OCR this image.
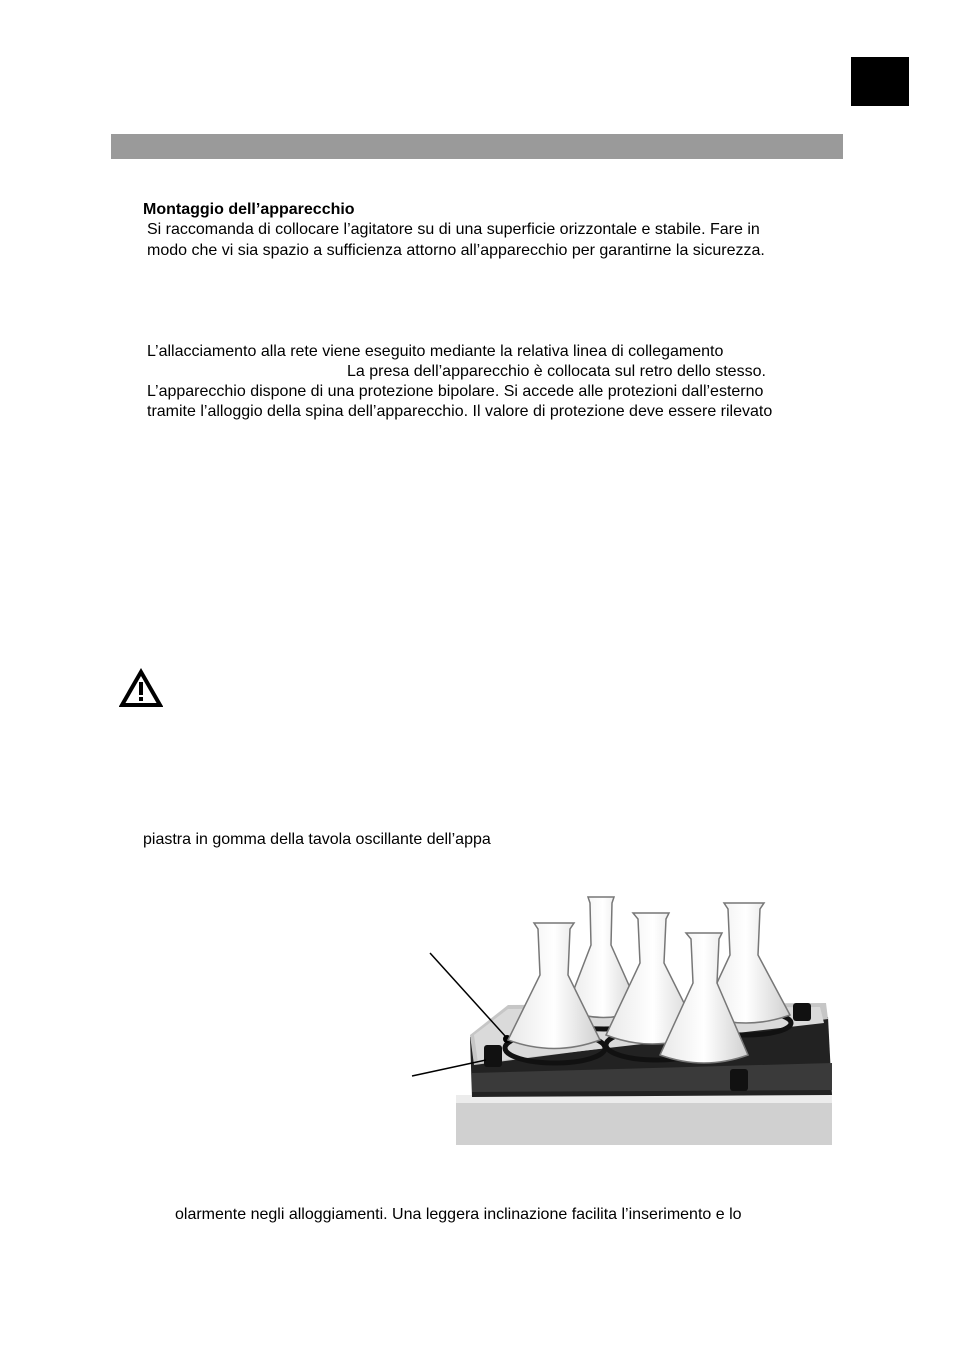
Montaggio dell’apparecchio
Si raccomanda di collocare l’agitatore su di una superficie orizzontale e stabile. Fare in
modo che vi sia spazio a sufficienza attorno all’apparecchio per garantirne la sicurezza.
L’allacciamento alla rete viene eseguito mediante la relativa linea di collegamento
La presa dell’apparecchio è collocata sul retro dello stesso.
L’apparecchio dispone di una protezione bipolare. Si accede alle protezioni dall’esterno
tramite l’alloggio della spina dell’apparecchio. Il valore di protezione deve essere rilevato
piastra in gomma della tavola oscillante dell’appa
olarmente negli alloggiamenti. Una leggera inclinazione facilita l’inserimento e lo
